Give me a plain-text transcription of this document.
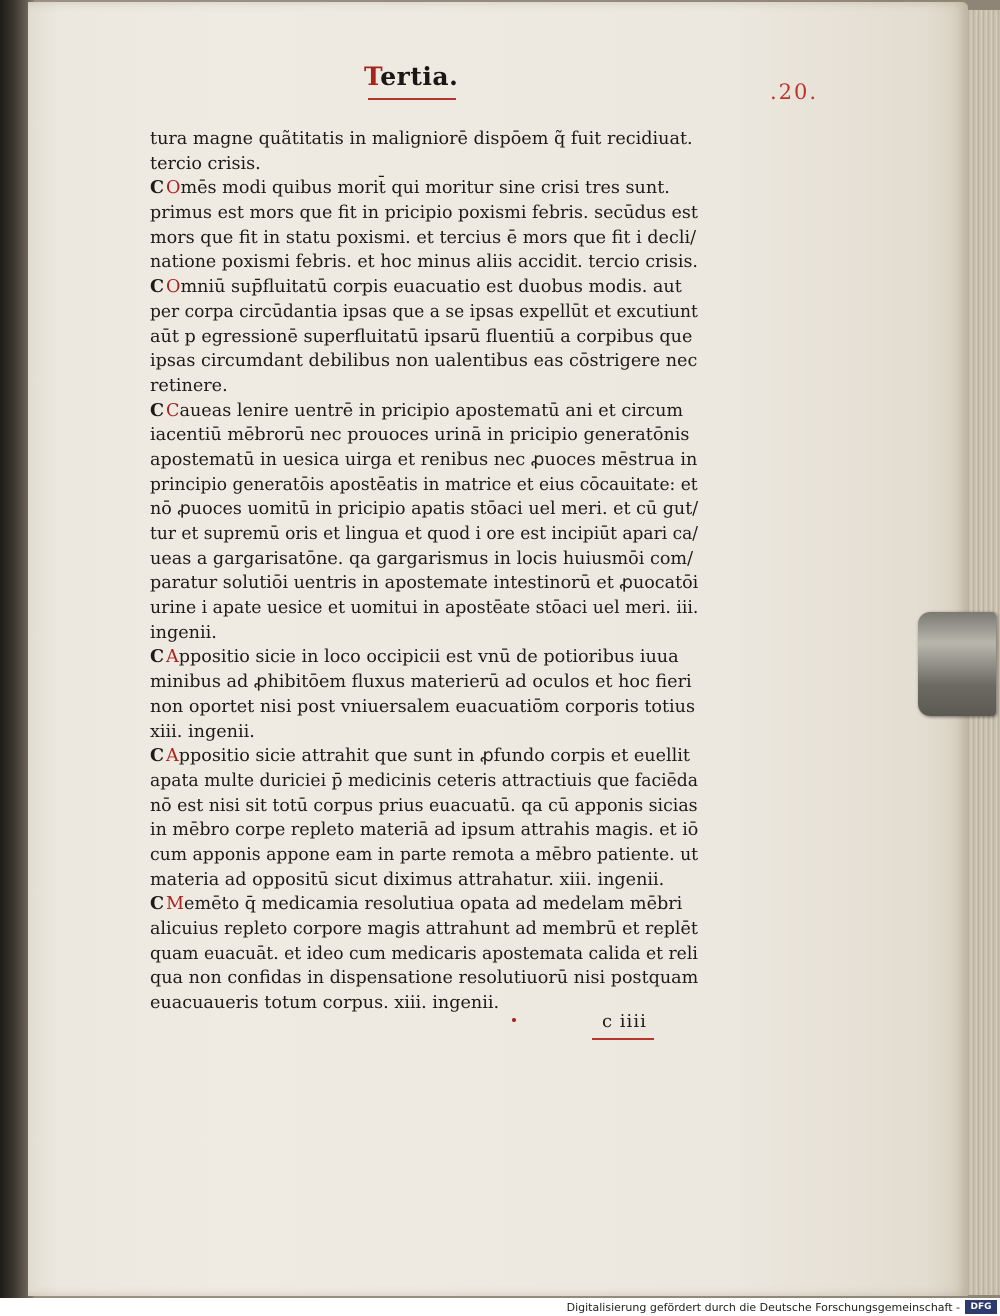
Tertia.
.20.
tura magne quãtitatis in maligniorē dispōem q̃ fuit recidiuat.
tercio crisis.
C Omēs modi quibus morit̄ qui moritur sine crisi tres sunt.
primus est mors que fit in pricipio poxismi febris. secūdus est
mors que fit in statu poxismi. et tercius ē mors que fit i decli/
natione poxismi febris. et hoc minus aliis accidit. tercio crisis.
C Omniū sup̄fluitatū corpis euacuatio est duobus modis. aut
per corpa circūdantia ipsas que a se ipsas expellūt et excutiunt
aūt p egressionē superfluitatū ipsarū fluentiū a corpibus que
ipsas circumdant debilibus non ualentibus eas cōstrigere nec
retinere.
C Caueas lenire uentrē in pricipio apostematū ani et circum
iacentiū mēbrorū nec prouoces urinā in pricipio generatōnis
apostematū in uesica uirga et renibus nec ꝓuoces mēstrua in
principio generatōis apostēatis in matrice et eius cōcauitate: et
nō ꝓuoces uomitū in pricipio apatis stōaci uel meri. et cū gut/
tur et supremū oris et lingua et quod i ore est incipiūt apari ca/
ueas a gargarisatōne. qa gargarismus in locis huiusmōi com/
paratur solutiōi uentris in apostemate intestinorū et ꝓuocatōi
urine i apate uesice et uomitui in apostēate stōaci uel meri. iii.
ingenii.
C Appositio sicie in loco occipicii est vnū de potioribus iuua
minibus ad ꝓhibitōem fluxus materierū ad oculos et hoc fieri
non oportet nisi post vniuersalem euacuatiōm corporis totius
xiii. ingenii.
C Appositio sicie attrahit que sunt in ꝓfundo corpis et euellit
apata multe duriciei p̄ medicinis ceteris attractiuis que faciēda
nō est nisi sit totū corpus prius euacuatū. qa cū apponis sicias
in mēbro corpe repleto materiā ad ipsum attrahis magis. et iō
cum apponis appone eam in parte remota a mēbro patiente. ut
materia ad oppositū sicut diximus attrahatur. xiii. ingenii.
C Memēto q̄ medicamia resolutiua opata ad medelam mēbri
alicuius repleto corpore magis attrahunt ad membrū et replēt
quam euacuāt. et ideo cum medicaris apostemata calida et reli
qua non confidas in dispensatione resolutiuorū nisi postquam
euacuaueris totum corpus. xiii. ingenii.
c iiii
Digitalisierung gefördert durch die Deutsche Forschungsgemeinschaft -	DFG
